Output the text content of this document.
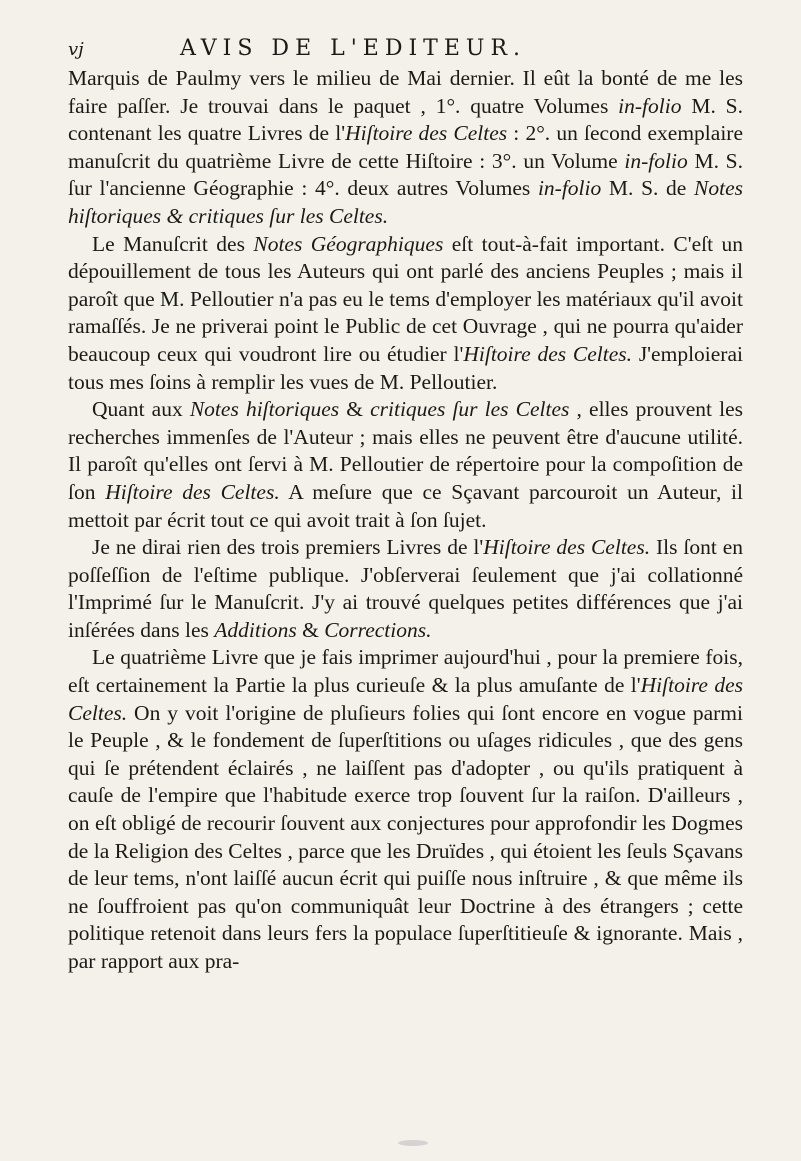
vj	AVIS DE L'EDITEUR.

Marquis de Paulmy vers le milieu de Mai dernier. Il eût la bonté de me les faire paſſer. Je trouvai dans le paquet , 1°. quatre Volumes in-folio M. S. contenant les quatre Livres de l'Hiſtoire des Celtes : 2°. un ſecond exemplaire manuſcrit du quatrième Livre de cette Hiſtoire : 3°. un Volume in-folio M. S. ſur l'ancienne Géographie : 4°. deux autres Volumes in-folio M. S. de Notes hiſtoriques & critiques ſur les Celtes.

Le Manuſcrit des Notes Géographiques eſt tout-à-fait important. C'eſt un dépouillement de tous les Auteurs qui ont parlé des anciens Peuples ; mais il paroît que M. Pelloutier n'a pas eu le tems d'employer les matériaux qu'il avoit ramaſſés. Je ne priverai point le Public de cet Ouvrage , qui ne pourra qu'aider beaucoup ceux qui voudront lire ou étudier l'Hiſtoire des Celtes. J'emploierai tous mes ſoins à remplir les vues de M. Pelloutier.

Quant aux Notes hiſtoriques & critiques ſur les Celtes , elles prouvent les recherches immenſes de l'Auteur ; mais elles ne peuvent être d'aucune utilité. Il paroît qu'elles ont ſervi à M. Pelloutier de répertoire pour la compoſition de ſon Hiſtoire des Celtes. A meſure que ce Sçavant parcouroit un Auteur, il mettoit par écrit tout ce qui avoit trait à ſon ſujet.

Je ne dirai rien des trois premiers Livres de l'Hiſtoire des Celtes. Ils ſont en poſſeſſion de l'eſtime publique. J'obſerverai ſeulement que j'ai collationné l'Imprimé ſur le Manuſcrit. J'y ai trouvé quelques petites différences que j'ai inſérées dans les Additions & Corrections.

Le quatrième Livre que je fais imprimer aujourd'hui , pour la premiere fois, eſt certainement la Partie la plus curieuſe & la plus amuſante de l'Hiſtoire des Celtes. On y voit l'origine de pluſieurs folies qui ſont encore en vogue parmi le Peuple , & le fondement de ſuperſtitions ou uſages ridicules , que des gens qui ſe prétendent éclairés , ne laiſſent pas d'adopter , ou qu'ils pratiquent à cauſe de l'empire que l'habitude exerce trop ſouvent ſur la raiſon. D'ailleurs , on eſt obligé de recourir ſouvent aux conjectures pour approfondir les Dogmes de la Religion des Celtes , parce que les Druïdes , qui étoient les ſeuls Sçavans de leur tems, n'ont laiſſé aucun écrit qui puiſſe nous inſtruire , & que même ils ne ſouffroient pas qu'on communiquât leur Doctrine à des étrangers ; cette politique retenoit dans leurs fers la populace ſuperſtitieuſe & ignorante. Mais , par rapport aux pra-
